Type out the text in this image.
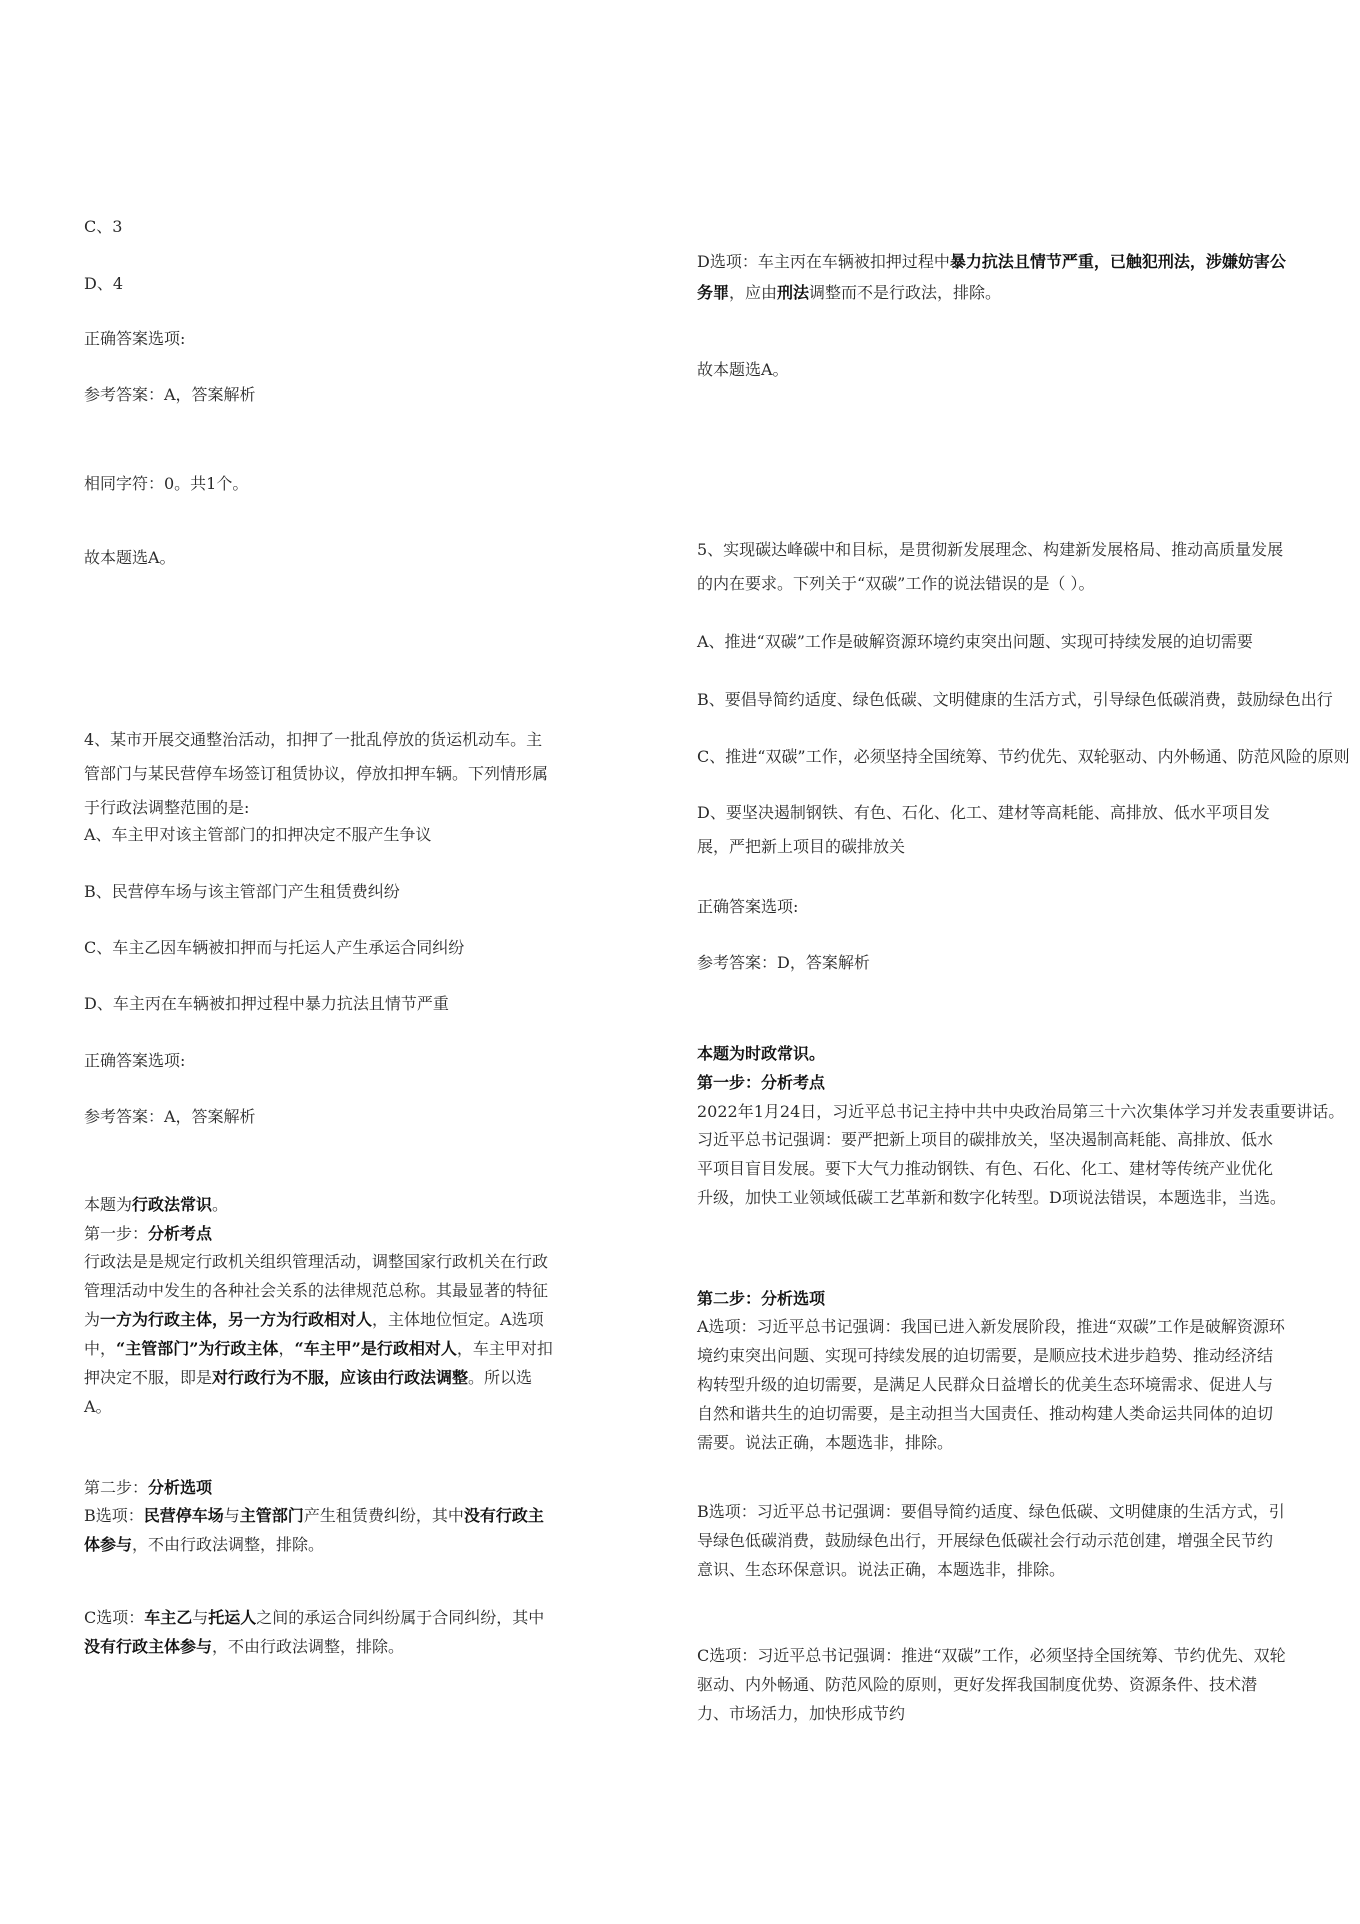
C、3

D、4

正确答案选项:

参考答案：A，答案解析

相同字符：0。共1个。

故本题选A。

4、某市开展交通整治活动，扣押了一批乱停放的货运机动车。主管部门与某民营停车场签订租赁协议，停放扣押车辆。下列情形属于行政法调整范围的是:

A、车主甲对该主管部门的扣押决定不服产生争议

B、民营停车场与该主管部门产生租赁费纠纷

C、车主乙因车辆被扣押而与托运人产生承运合同纠纷

D、车主丙在车辆被扣押过程中暴力抗法且情节严重

正确答案选项:

参考答案：A，答案解析

本题为行政法常识。

第一步：分析考点

行政法是是规定行政机关组织管理活动，调整国家行政机关在行政管理活动中发生的各种社会关系的法律规范总称。其最显著的特征为一方为行政主体，另一方为行政相对人，主体地位恒定。A选项中，“主管部门”为行政主体，“车主甲”是行政相对人，车主甲对扣押决定不服，即是对行政行为不服，应该由行政法调整。所以选A。

第二步：分析选项

B选项：民营停车场与主管部门产生租赁费纠纷，其中没有行政主体参与，不由行政法调整，排除。

C选项：车主乙与托运人之间的承运合同纠纷属于合同纠纷，其中没有行政主体参与，不由行政法调整，排除。

D选项：车主丙在车辆被扣押过程中暴力抗法且情节严重，已触犯刑法，涉嫌妨害公务罪，应由刑法调整而不是行政法，排除。

故本题选A。

5、实现碳达峰碳中和目标，是贯彻新发展理念、构建新发展格局、推动高质量发展的内在要求。下列关于“双碳”工作的说法错误的是（ ）。

A、推进“双碳”工作是破解资源环境约束突出问题、实现可持续发展的迫切需要

B、要倡导简约适度、绿色低碳、文明健康的生活方式，引导绿色低碳消费，鼓励绿色出行

C、推进“双碳”工作，必须坚持全国统筹、节约优先、双轮驱动、内外畅通、防范风险的原则

D、要坚决遏制钢铁、有色、石化、化工、建材等高耗能、高排放、低水平项目发展，严把新上项目的碳排放关

正确答案选项:

参考答案：D，答案解析

本题为时政常识。

第一步：分析考点

2022年1月24日，习近平总书记主持中共中央政治局第三十六次集体学习并发表重要讲话。

习近平总书记强调：要严把新上项目的碳排放关，坚决遏制高耗能、高排放、低水平项目盲目发展。要下大气力推动钢铁、有色、石化、化工、建材等传统产业优化升级，加快工业领域低碳工艺革新和数字化转型。D项说法错误，本题选非，当选。

第二步：分析选项

A选项：习近平总书记强调：我国已进入新发展阶段，推进“双碳”工作是破解资源环境约束突出问题、实现可持续发展的迫切需要，是顺应技术进步趋势、推动经济结构转型升级的迫切需要，是满足人民群众日益增长的优美生态环境需求、促进人与自然和谐共生的迫切需要，是主动担当大国责任、推动构建人类命运共同体的迫切需要。说法正确，本题选非，排除。

B选项：习近平总书记强调：要倡导简约适度、绿色低碳、文明健康的生活方式，引导绿色低碳消费，鼓励绿色出行，开展绿色低碳社会行动示范创建，增强全民节约意识、生态环保意识。说法正确，本题选非，排除。

C选项：习近平总书记强调：推进“双碳”工作，必须坚持全国统筹、节约优先、双轮驱动、内外畅通、防范风险的原则，更好发挥我国制度优势、资源条件、技术潜力、市场活力，加快形成节约
